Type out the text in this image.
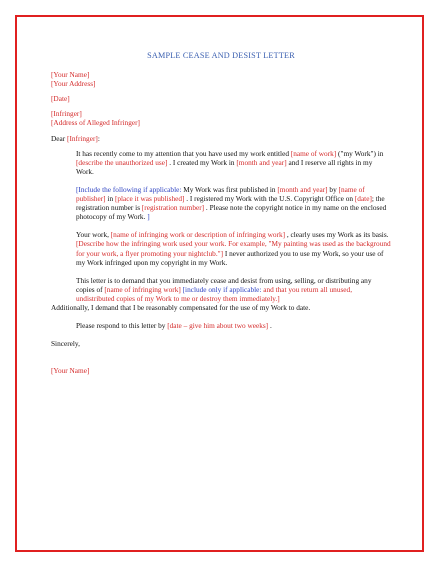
SAMPLE CEASE AND DESIST LETTER

[Your Name]

[Your Address]

[Date]

[Infringer]

[Address of Alleged Infringer]

Dear [Infringer]:

It has recently come to my attention that you have used my work entitled [name of work] ("my Work") in [describe the unauthorized use] . I created my Work in [month and year] and I reserve all rights in my Work.

[Include the following if applicable: My Work was first published in [month and year] by [name of publisher] in [place it was published] . I registered my Work with the U.S. Copyright Office on [date]; the registration number is [registration number] . Please note the copyright notice in my name on the enclosed photocopy of my Work. ]

Your work, [name of infringing work or description of infringing work] , clearly uses my Work as its basis. [Describe how the infringing work used your work. For example, "My painting was used as the background for your work, a flyer promoting your nightclub."] I never authorized you to use my Work, so your use of my Work infringed upon my copyright in my Work.

This letter is to demand that you immediately cease and desist from using, selling, or distributing any copies of [name of infringing work] [include only if applicable: and that you return all unused, undistributed copies of my Work to me or destroy them immediately.]
Additionally, I demand that I be reasonably compensated for the use of my Work to date.

Please respond to this letter by [date – give him about two weeks] .

Sincerely,

[Your Name]
